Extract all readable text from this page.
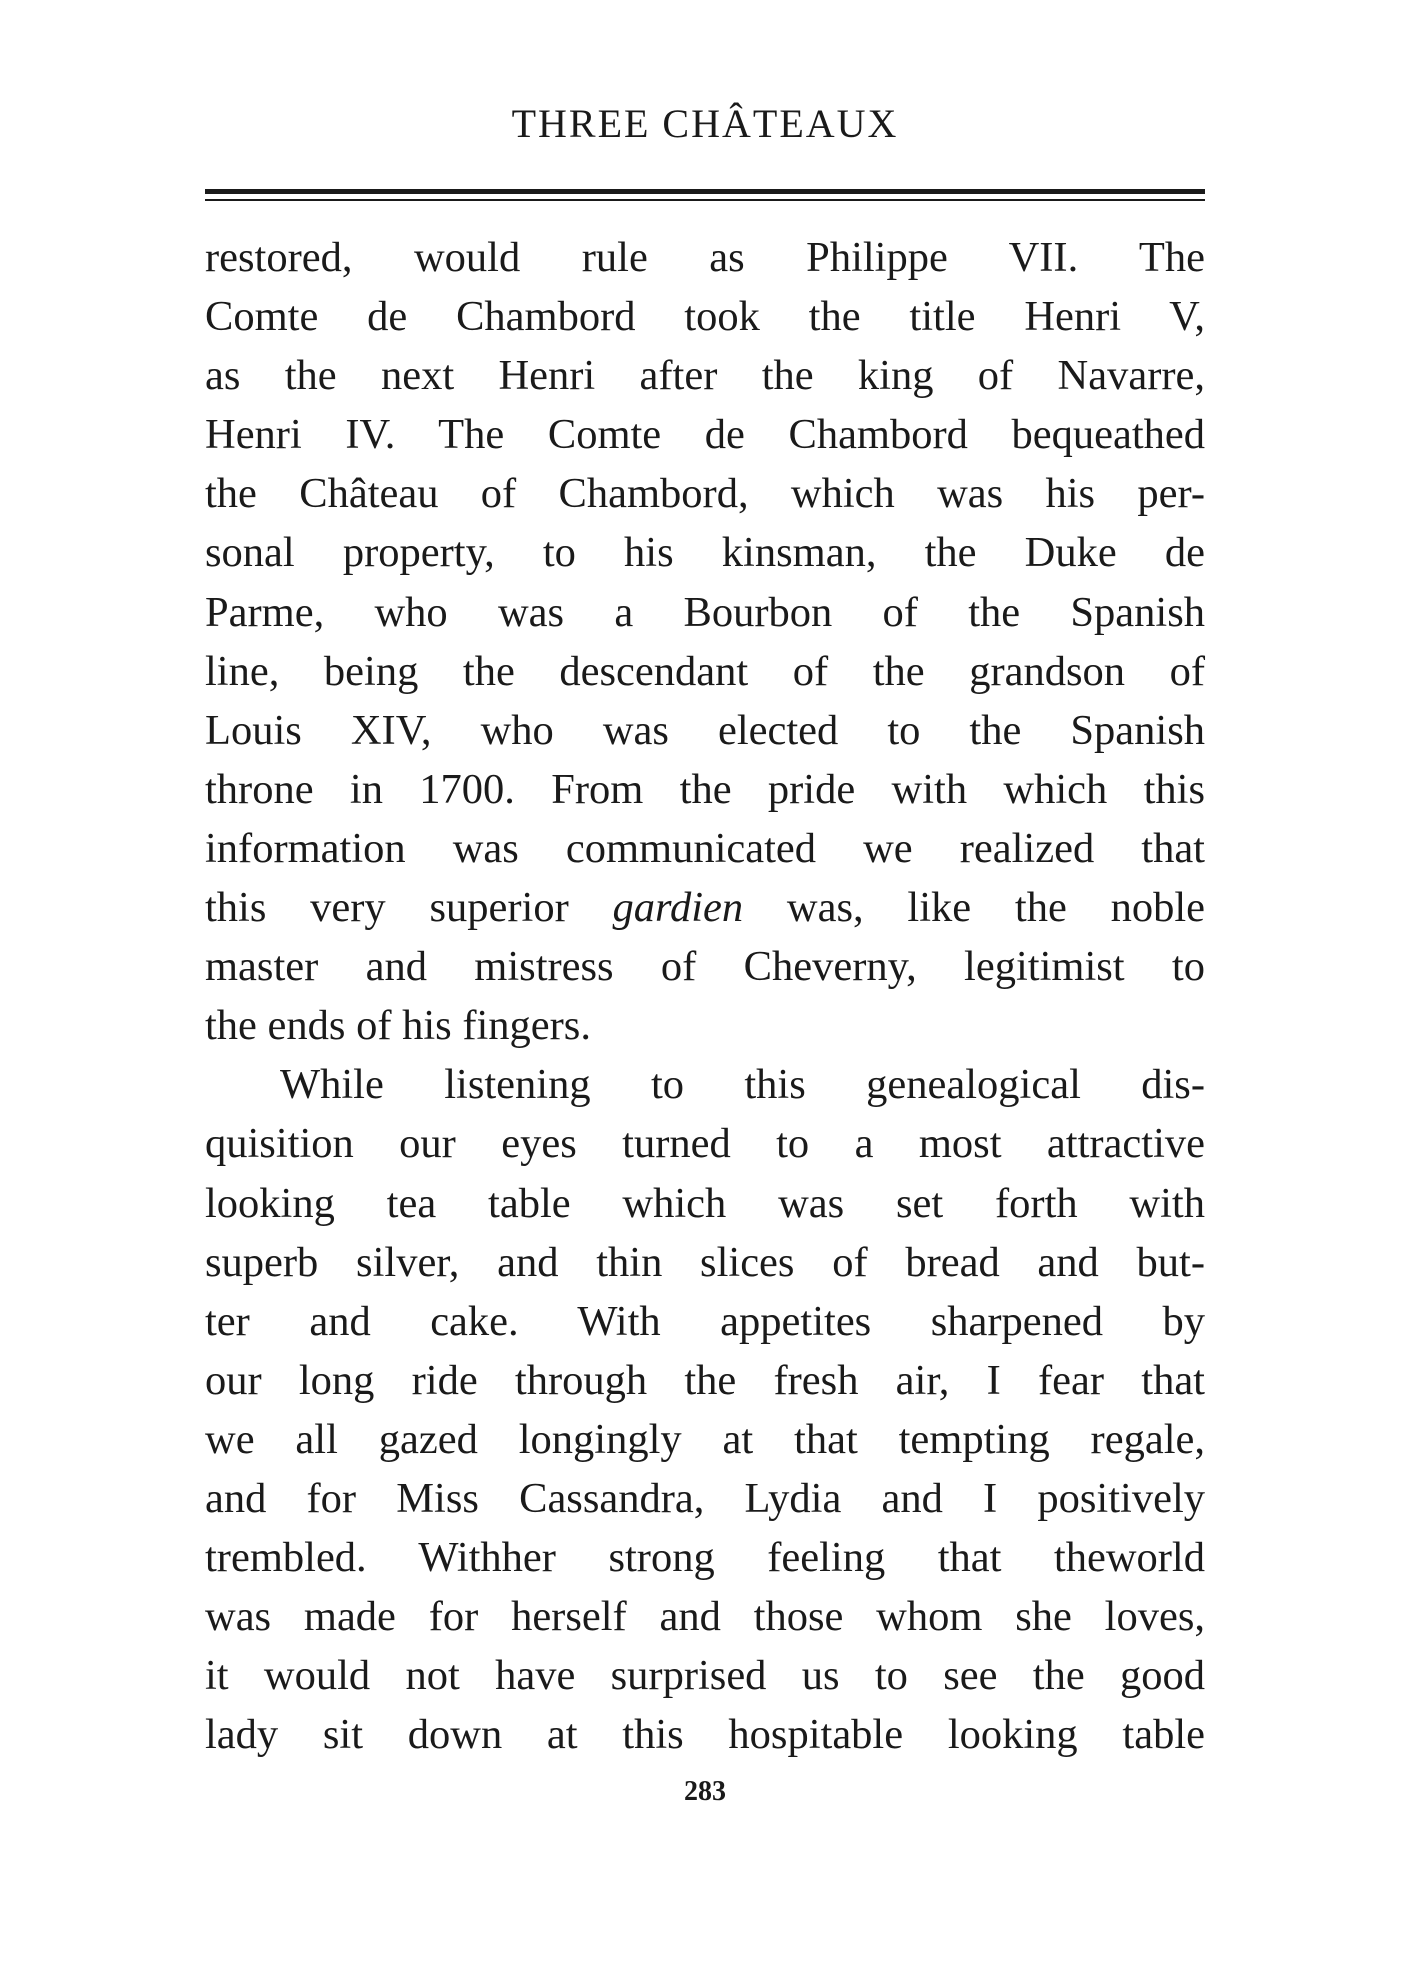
THREE CHÂTEAUX
restored, would rule as Philippe VII. The
Comte de Chambord took the title Henri V,
as the next Henri after the king of Navarre,
Henri IV. The Comte de Chambord bequeathed
the Château of Chambord, which was his per-
sonal property, to his kinsman, the Duke de
Parme, who was a Bourbon of the Spanish
line, being the descendant of the grandson of
Louis XIV, who was elected to the Spanish
throne in 1700. From the pride with which this
information was communicated we realized that
this very superior gardien was, like the noble
master and mistress of Cheverny, legitimist to
the ends of his fingers.
While listening to this genealogical dis-
quisition our eyes turned to a most attractive
looking tea table which was set forth with
superb silver, and thin slices of bread and but-
ter and cake. With appetites sharpened by
our long ride through the fresh air, I fear that
we all gazed longingly at that tempting regale,
and for Miss Cassandra, Lydia and I positively
trembled. Withher strong feeling that theworld
was made for herself and those whom she loves,
it would not have surprised us to see the good
lady sit down at this hospitable looking table
283
